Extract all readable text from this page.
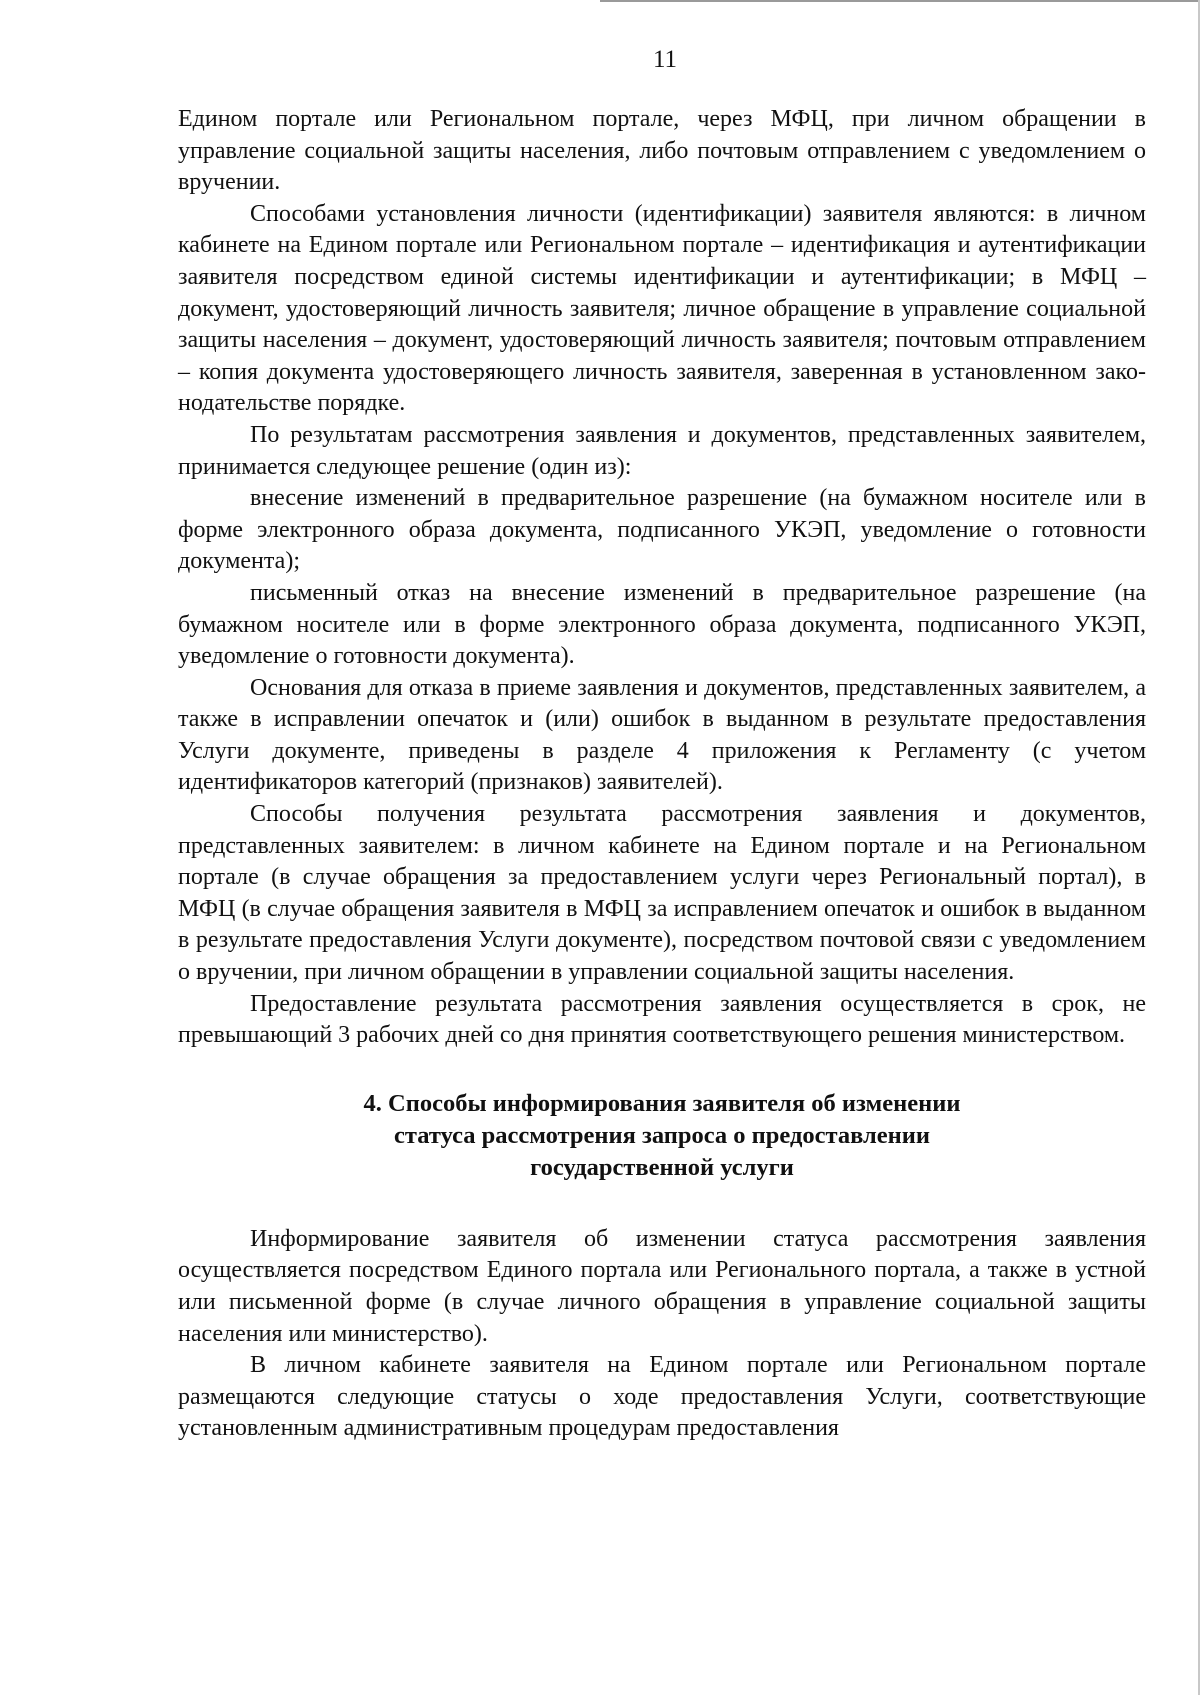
11

Едином портале или Региональном портале, через МФЦ, при личном обращении в управление социальной защиты населения, либо почтовым отправлением с уведомлением о вручении.

Способами установления личности (идентификации) заявителя являются: в личном кабинете на Едином портале или Региональном портале – идентификация и аутентификации заявителя посредством единой системы идентификации и аутентификации; в МФЦ – документ, удостоверяющий личность заявителя; личное обращение в управление социальной защиты населения – документ, удостоверяющий личность заявителя; почтовым отправлением – копия документа удостоверяющего личность заявителя, заверенная в установленном законодательстве порядке.

По результатам рассмотрения заявления и документов, представленных заявителем, принимается следующее решение (один из):

внесение изменений в предварительное разрешение (на бумажном носителе или в форме электронного образа документа, подписанного УКЭП, уведомление о готовности документа);

письменный отказ на внесение изменений в предварительное разрешение (на бумажном носителе или в форме электронного образа документа, подписанного УКЭП, уведомление о готовности документа).

Основания для отказа в приеме заявления и документов, представленных заявителем, а также в исправлении опечаток и (или) ошибок в выданном в результате предоставления Услуги документе, приведены в разделе 4 приложения к Регламенту (с учетом идентификаторов категорий (признаков) заявителей).

Способы получения результата рассмотрения заявления и документов, представленных заявителем: в личном кабинете на Едином портале и на Региональном портале (в случае обращения за предоставлением услуги через Региональный портал), в МФЦ (в случае обращения заявителя в МФЦ за исправлением опечаток и ошибок в выданном в результате предоставления Услуги документе), посредством почтовой связи с уведомлением о вручении, при личном обращении в управлении социальной защиты населения.

Предоставление результата рассмотрения заявления осуществляется в срок, не превышающий 3 рабочих дней со дня принятия соответствующего решения министерством.

4. Способы информирования заявителя об изменении
статуса рассмотрения запроса о предоставлении
государственной услуги

Информирование заявителя об изменении статуса рассмотрения заявления осуществляется посредством Единого портала или Регионального портала, а также в устной или письменной форме (в случае личного обращения в управление социальной защиты населения или министерство).

В личном кабинете заявителя на Едином портале или Региональном портале размещаются следующие статусы о ходе предоставления Услуги, соответствующие установленным административным процедурам предоставления
